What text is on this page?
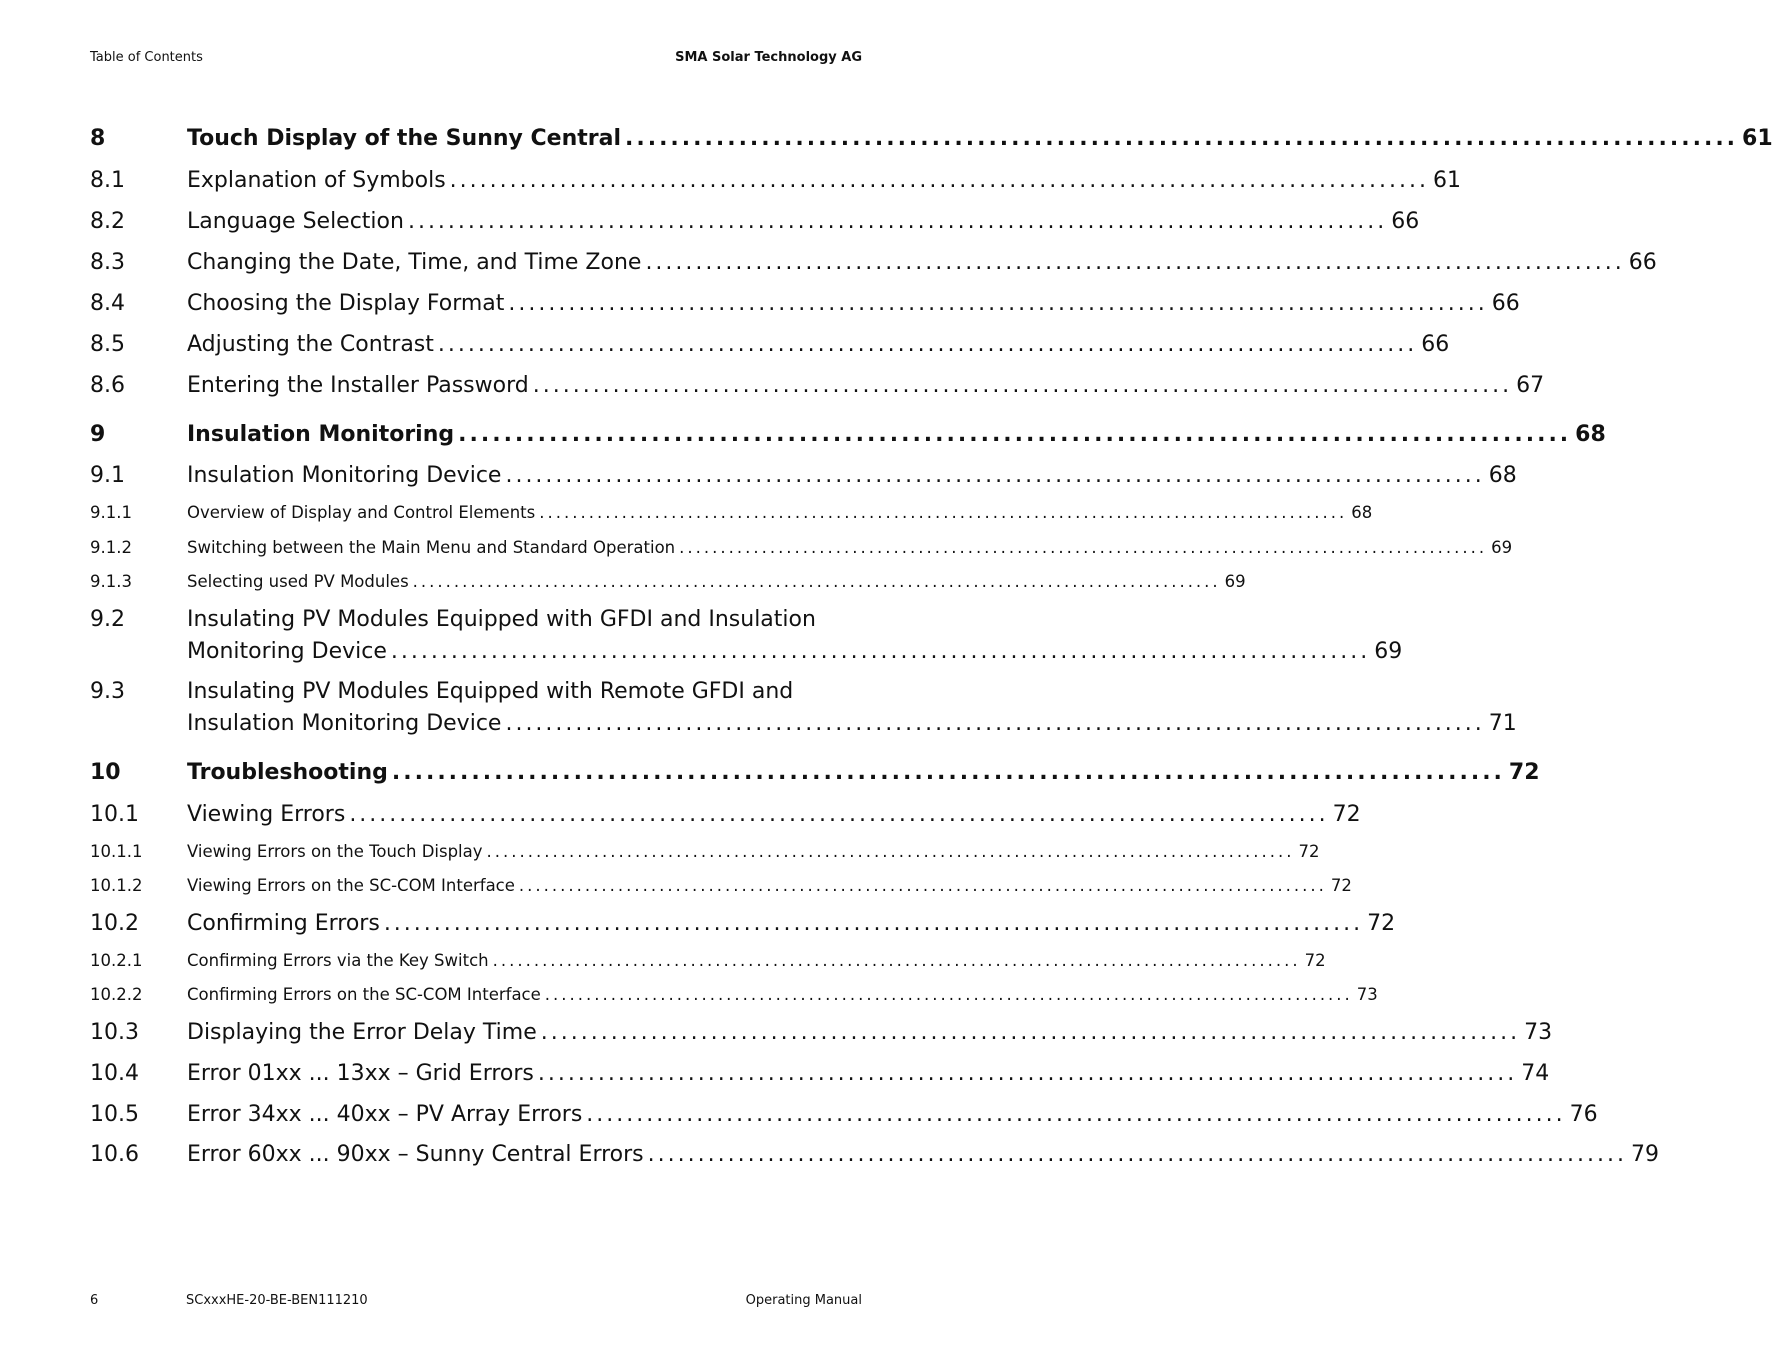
Table of Contents	SMA Solar Technology AG
8	Touch Display of the Sunny Central .................................................................................................. 61
8.1	Explanation of Symbols .................................................................................................. 61
8.2	Language Selection .................................................................................................. 66
8.3	Changing the Date, Time, and Time Zone .................................................................................................. 66
8.4	Choosing the Display Format .................................................................................................. 66
8.5	Adjusting the Contrast .................................................................................................. 66
8.6	Entering the Installer Password .................................................................................................. 67
9	Insulation Monitoring .................................................................................................. 68
9.1	Insulation Monitoring Device .................................................................................................. 68
9.1.1	Overview of Display and Control Elements .................................................................................................. 68
9.1.2	Switching between the Main Menu and Standard Operation .................................................................................................. 69
9.1.3	Selecting used PV Modules .................................................................................................. 69
9.2	Insulating PV Modules Equipped with GFDI and Insulation
Monitoring Device .................................................................................................. 69
9.3	Insulating PV Modules Equipped with Remote GFDI and
Insulation Monitoring Device .................................................................................................. 71
10	Troubleshooting .................................................................................................. 72
10.1 Viewing Errors .................................................................................................. 72
10.1.1	Viewing Errors on the Touch Display .................................................................................................. 72
10.1.2	Viewing Errors on the SC-COM Interface .................................................................................................. 72
10.2 Confirming Errors .................................................................................................. 72
10.2.1	Confirming Errors via the Key Switch .................................................................................................. 72
10.2.2	Confirming Errors on the SC-COM Interface .................................................................................................. 73
10.3 Displaying the Error Delay Time .................................................................................................. 73
10.4 Error 01xx ... 13xx – Grid Errors .................................................................................................. 74
10.5 Error 34xx ... 40xx – PV Array Errors .................................................................................................. 76
10.6 Error 60xx ... 90xx – Sunny Central Errors .................................................................................................. 79
6	SCxxxHE-20-BE-BEN111210	Operating Manual
